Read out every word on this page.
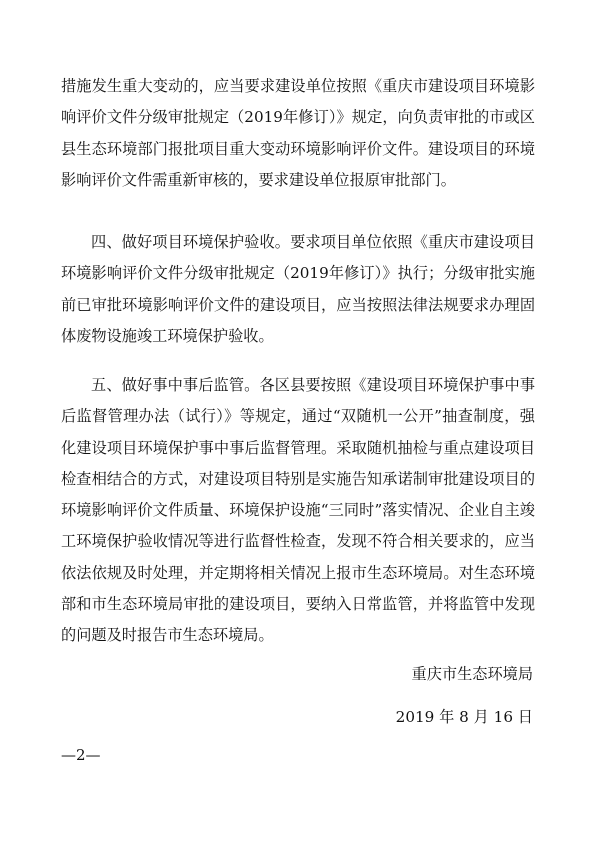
措施发生重大变动的，应当要求建设单位按照《重庆市建设项目环境影响评价文件分级审批规定（2019年修订）》规定，向负责审批的市或区县生态环境部门报批项目重大变动环境影响评价文件。建设项目的环境影响评价文件需重新审核的，要求建设单位报原审批部门。

四、做好项目环境保护验收。要求项目单位依照《重庆市建设项目环境影响评价文件分级审批规定（2019年修订）》执行；分级审批实施前已审批环境影响评价文件的建设项目，应当按照法律法规要求办理固体废物设施竣工环境保护验收。

五、做好事中事后监管。各区县要按照《建设项目环境保护事中事后监督管理办法（试行）》等规定，通过“双随机一公开”抽查制度，强化建设项目环境保护事中事后监督管理。采取随机抽检与重点建设项目检查相结合的方式，对建设项目特别是实施告知承诺制审批建设项目的环境影响评价文件质量、环境保护设施“三同时”落实情况、企业自主竣工环境保护验收情况等进行监督性检查，发现不符合相关要求的，应当依法依规及时处理，并定期将相关情况上报市生态环境局。对生态环境部和市生态环境局审批的建设项目，要纳入日常监管，并将监管中发现的问题及时报告市生态环境局。

重庆市生态环境局

2019 年 8 月 16 日

—2—
